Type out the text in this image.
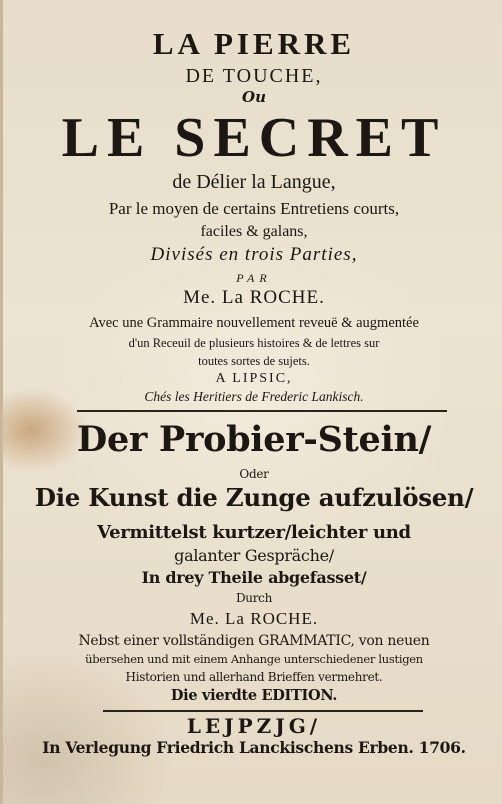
LA PIERRE
DE TOUCHE,
Ou
LE SECRET
de Délier la Langue,
Par le moyen de certains Entretiens courts,
faciles & galans,
Divisés en trois Parties,
PAR
Me. La ROCHE.
Avec une Grammaire nouvellement reveuë & augmentée
d'un Receuil de plusieurs histoires & de lettres sur
toutes sortes de sujets.
A LIPSIC,
Chés les Heritiers de Frederic Lankisch.
Der Probier-Stein/
Oder
Die Kunst die Zunge aufzulösen/
Vermittelst kurtzer/leichter und
galanter Gespräche/
In drey Theile abgefasset/
Durch
Me. La ROCHE.
Nebst einer vollständigen GRAMMATIC, von neuen
übersehen und mit einem Anhange unterschiedener lustigen
Historien und allerhand Brieffen vermehret.
Die vierdte EDITION.
LEJPZJG/
In Verlegung Friedrich Lanckischens Erben. 1706.
